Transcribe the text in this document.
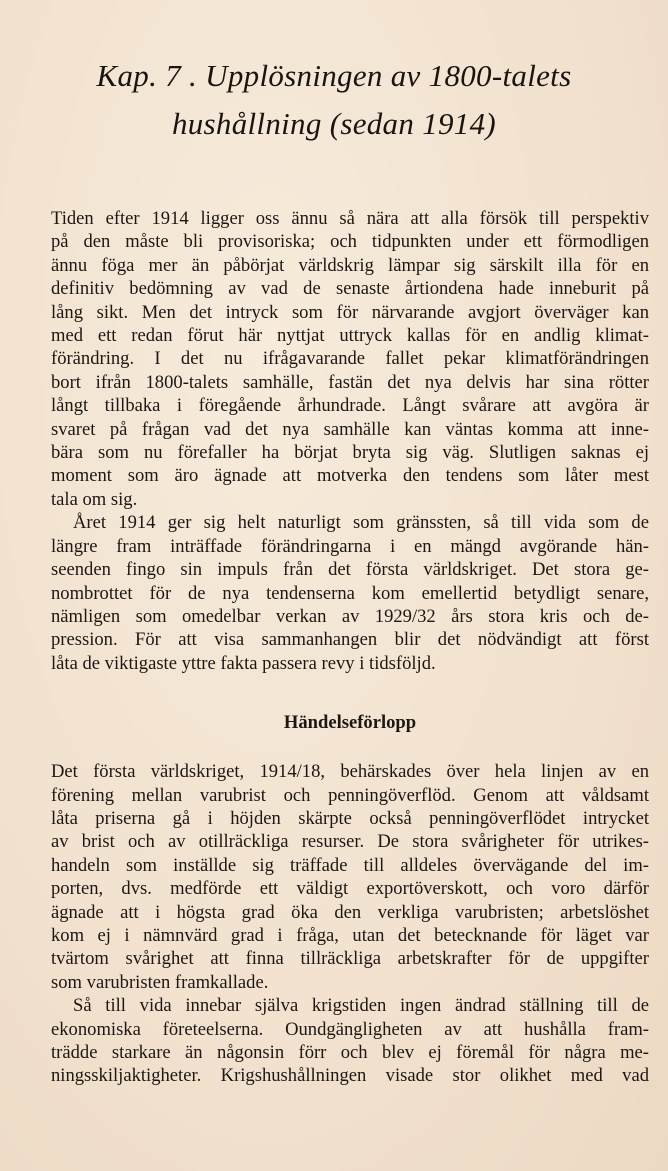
Kap. 7 . Upplösningen av 1800-talets
hushållning (sedan 1914)
Tiden efter 1914 ligger oss ännu så nära att alla försök till perspektiv
på den måste bli provisoriska; och tidpunkten under ett förmodligen
ännu föga mer än påbörjat världskrig lämpar sig särskilt illa för en
definitiv bedömning av vad de senaste årtiondena hade inneburit på
lång sikt. Men det intryck som för närvarande avgjort överväger kan
med ett redan förut här nyttjat uttryck kallas för en andlig klimat-
förändring. I det nu ifrågavarande fallet pekar klimatförändringen
bort ifrån 1800-talets samhälle, fastän det nya delvis har sina rötter
långt tillbaka i föregående århundrade. Långt svårare att avgöra är
svaret på frågan vad det nya samhälle kan väntas komma att inne-
bära som nu förefaller ha börjat bryta sig väg. Slutligen saknas ej
moment som äro ägnade att motverka den tendens som låter mest
tala om sig.
Året 1914 ger sig helt naturligt som gränssten, så till vida som de
längre fram inträffade förändringarna i en mängd avgörande hän-
seenden fingo sin impuls från det första världskriget. Det stora ge-
nombrottet för de nya tendenserna kom emellertid betydligt senare,
nämligen som omedelbar verkan av 1929/32 års stora kris och de-
pression. För att visa sammanhangen blir det nödvändigt att först
låta de viktigaste yttre fakta passera revy i tidsföljd.
Händelseförlopp
Det första världskriget, 1914/18, behärskades över hela linjen av en
förening mellan varubrist och penningöverflöd. Genom att våldsamt
låta priserna gå i höjden skärpte också penningöverflödet intrycket
av brist och av otillräckliga resurser. De stora svårigheter för utrikes-
handeln som inställde sig träffade till alldeles övervägande del im-
porten, dvs. medförde ett väldigt exportöverskott, och voro därför
ägnade att i högsta grad öka den verkliga varubristen; arbetslöshet
kom ej i nämnvärd grad i fråga, utan det betecknande för läget var
tvärtom svårighet att finna tillräckliga arbetskrafter för de uppgifter
som varubristen framkallade.
Så till vida innebar själva krigstiden ingen ändrad ställning till de
ekonomiska företeelserna. Oundgängligheten av att hushålla fram-
trädde starkare än någonsin förr och blev ej föremål för några me-
ningsskiljaktigheter. Krigshushållningen visade stor olikhet med vad
